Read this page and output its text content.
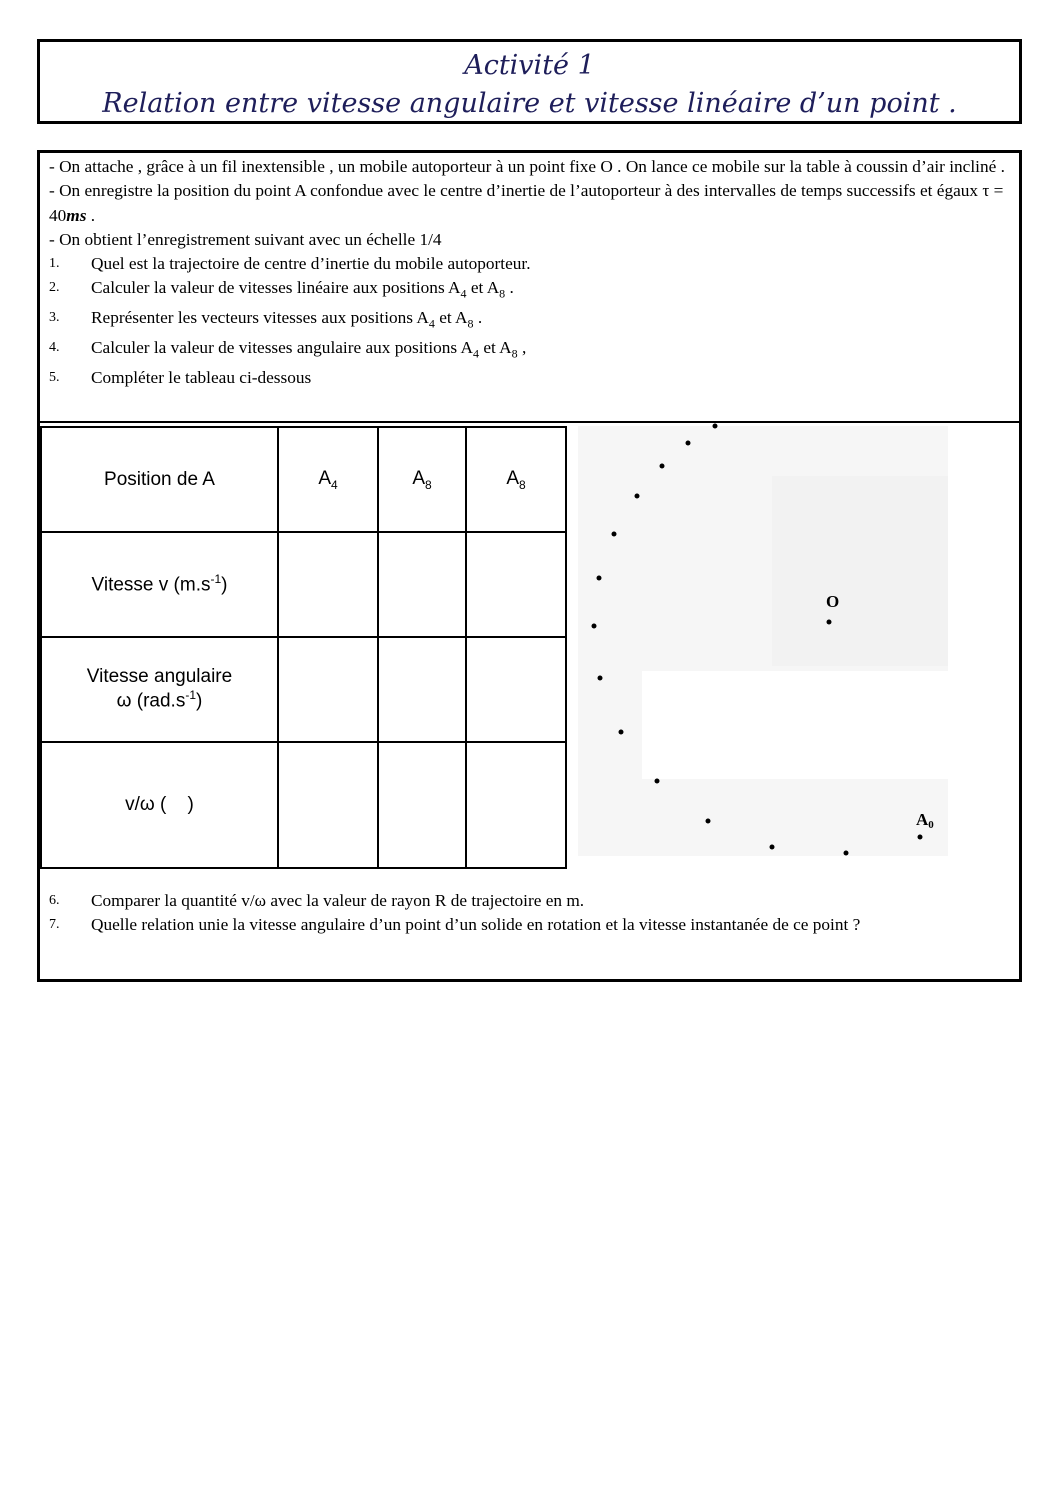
Activité 1
Relation entre vitesse angulaire et vitesse linéaire d’un point .

- On attache , grâce à un fil inextensible , un mobile autoporteur à un point fixe O . On lance ce mobile sur la table à coussin d’air incliné .

- On enregistre la position du point A confondue avec le centre d’inertie de l’autoporteur à des intervalles de temps successifs et égaux τ = 40ms .

- On obtient l’enregistrement suivant avec un échelle 1/4

1. Quel est la trajectoire de centre d’inertie du mobile autoporteur.
2. Calculer la valeur de vitesses linéaire aux positions $A_4$ et $A_8$ .
3. Représenter les vecteurs vitesses aux positions $A_4$ et $A_8$ .
4. Calculer la valeur de vitesses angulaire aux positions $A_4$ et $A_8$ ,
5. Compléter le tableau ci-dessous
Position de A	$A_4$	$A_8$	$A_8$
Vitesse v $(m.s^{-1})$			

Vitesse angulaire
ω $(rad.s^{-1})$			

v/ω (    )			
6. Comparer la quantité v/ω avec la valeur de rayon R de trajectoire en m.
7. Quelle relation unie la vitesse angulaire d’un point d’un solide en rotation et la vitesse instantanée de ce point ?
O
A0
